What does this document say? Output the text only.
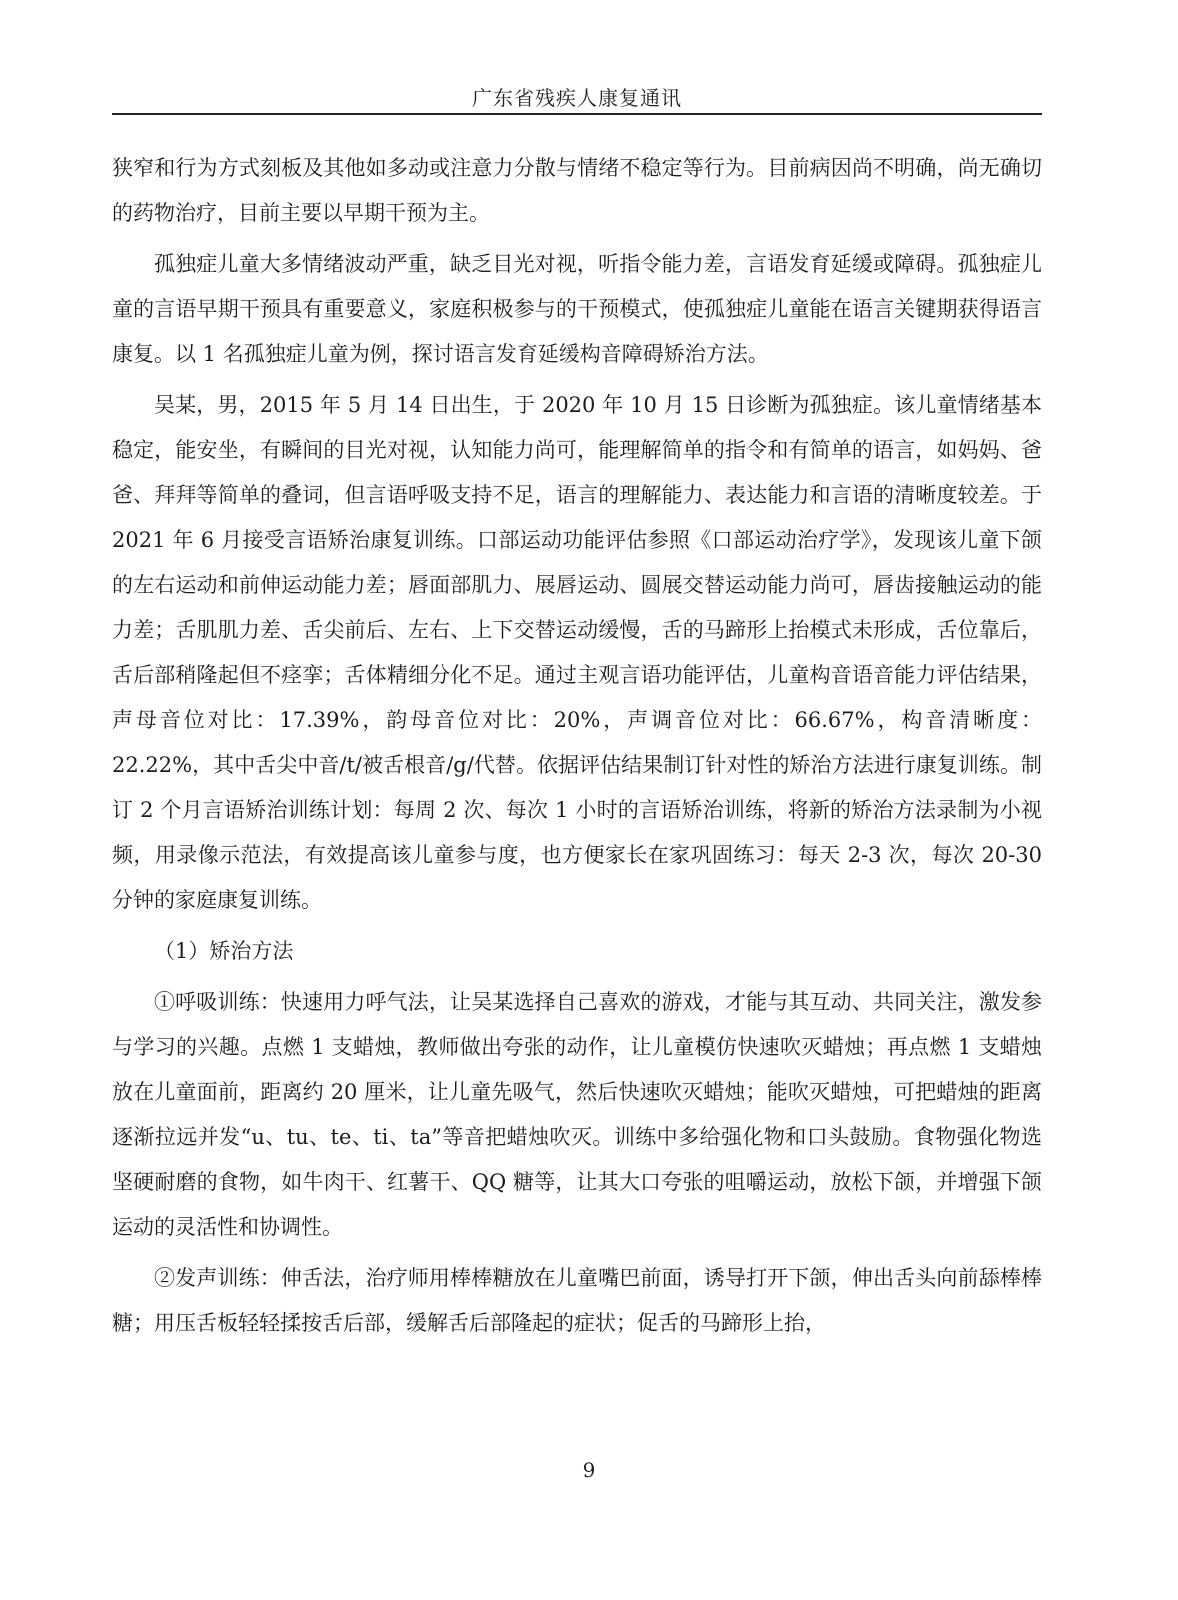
广东省残疾人康复通讯

狭窄和行为方式刻板及其他如多动或注意力分散与情绪不稳定等行为。目前病因尚不明确，尚无确切的药物治疗，目前主要以早期干预为主。

孤独症儿童大多情绪波动严重，缺乏目光对视，听指令能力差，言语发育延缓或障碍。孤独症儿童的言语早期干预具有重要意义，家庭积极参与的干预模式，使孤独症儿童能在语言关键期获得语言康复。以 1 名孤独症儿童为例，探讨语言发育延缓构音障碍矫治方法。

吴某，男，2015 年 5 月 14 日出生，于 2020 年 10 月 15 日诊断为孤独症。该儿童情绪基本稳定，能安坐，有瞬间的目光对视，认知能力尚可，能理解简单的指令和有简单的语言，如妈妈、爸爸、拜拜等简单的叠词，但言语呼吸支持不足，语言的理解能力、表达能力和言语的清晰度较差。于 2021 年 6 月接受言语矫治康复训练。口部运动功能评估参照《口部运动治疗学》，发现该儿童下颌的左右运动和前伸运动能力差；唇面部肌力、展唇运动、圆展交替运动能力尚可，唇齿接触运动的能力差；舌肌肌力差、舌尖前后、左右、上下交替运动缓慢，舌的马蹄形上抬模式未形成，舌位靠后，舌后部稍隆起但不痉挛；舌体精细分化不足。通过主观言语功能评估，儿童构音语音能力评估结果，声母音位对比：17.39%，韵母音位对比：20%，声调音位对比：66.67%，构音清晰度：22.22%，其中舌尖中音/t/被舌根音/g/代替。依据评估结果制订针对性的矫治方法进行康复训练。制订 2 个月言语矫治训练计划：每周 2 次、每次 1 小时的言语矫治训练，将新的矫治方法录制为小视频，用录像示范法，有效提高该儿童参与度，也方便家长在家巩固练习：每天 2-3 次，每次 20-30 分钟的家庭康复训练。

（1）矫治方法

①呼吸训练：快速用力呼气法，让吴某选择自己喜欢的游戏，才能与其互动、共同关注，激发参与学习的兴趣。点燃 1 支蜡烛，教师做出夸张的动作，让儿童模仿快速吹灭蜡烛；再点燃 1 支蜡烛放在儿童面前，距离约 20 厘米，让儿童先吸气，然后快速吹灭蜡烛；能吹灭蜡烛，可把蜡烛的距离逐渐拉远并发“u、tu、te、ti、ta”等音把蜡烛吹灭。训练中多给强化物和口头鼓励。食物强化物选坚硬耐磨的食物，如牛肉干、红薯干、QQ 糖等，让其大口夸张的咀嚼运动，放松下颌，并增强下颌运动的灵活性和协调性。

②发声训练：伸舌法，治疗师用棒棒糖放在儿童嘴巴前面，诱导打开下颌，伸出舌头向前舔棒棒糖；用压舌板轻轻揉按舌后部，缓解舌后部隆起的症状；促舌的马蹄形上抬，

9
